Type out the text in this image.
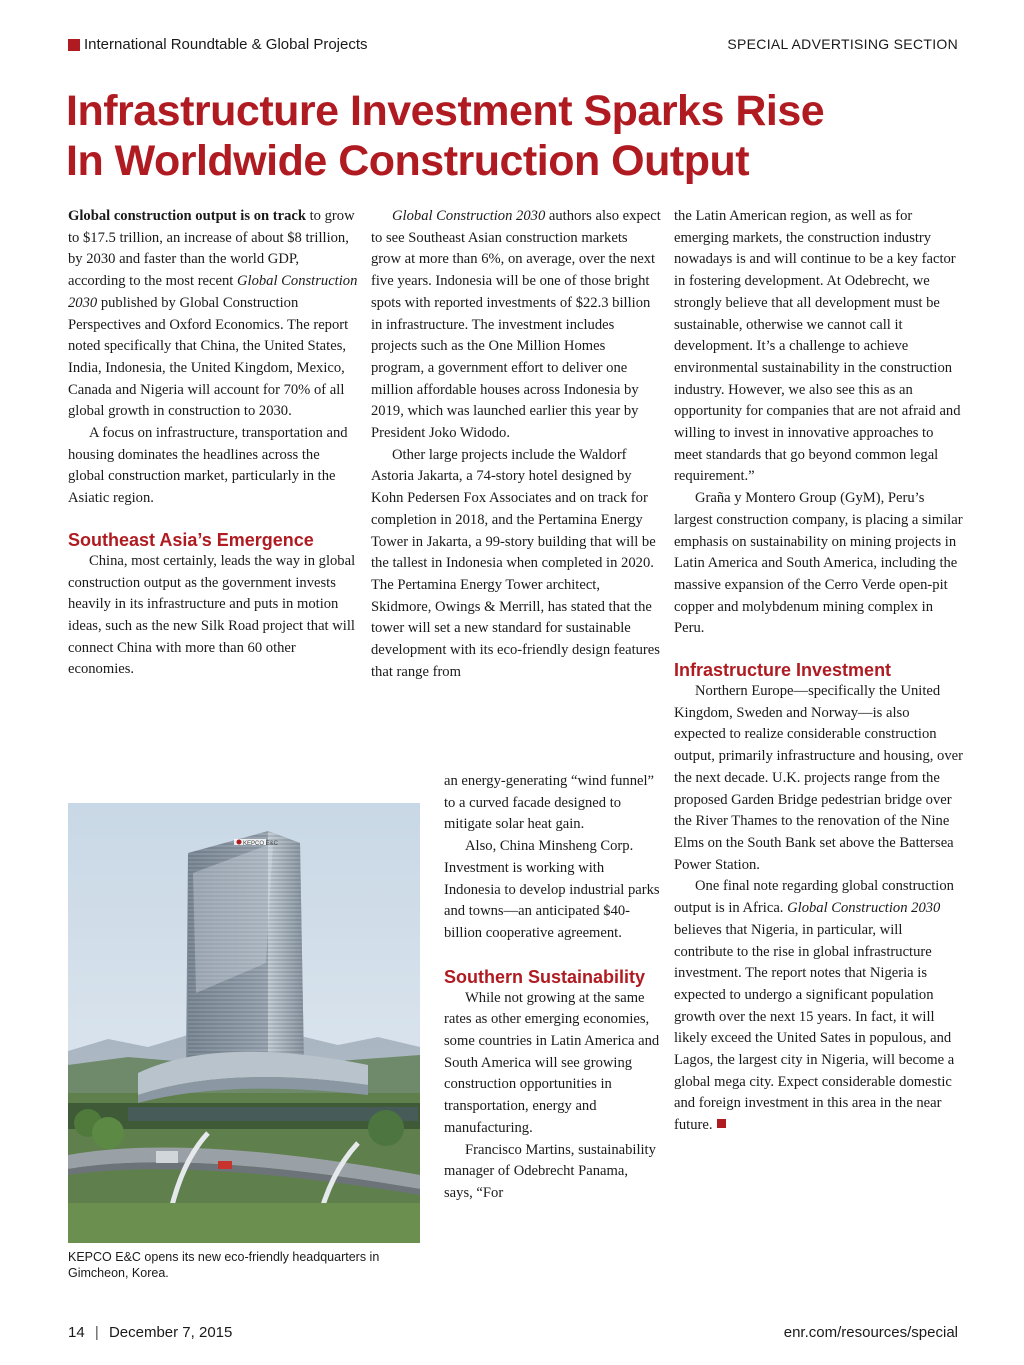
International Roundtable & Global Projects	SPECIAL ADVERTISING SECTION
Infrastructure Investment Sparks Rise
In Worldwide Construction Output

Global construction output is on track to grow to $17.5 trillion, an increase of about $8 trillion, by 2030 and faster than the world GDP, according to the most recent Global Construction 2030 published by Global Construction Perspectives and Oxford Economics. The report noted specifically that China, the United States, India, Indonesia, the United Kingdom, Mexico, Canada and Nigeria will account for 70% of all global growth in construction to 2030.

A focus on infrastructure, transportation and housing dominates the headlines across the global construction market, particularly in the Asiatic region.

Southeast Asia’s Emergence

China, most certainly, leads the way in global construction output as the government invests heavily in its infrastructure and puts in motion ideas, such as the new Silk Road project that will connect China with more than 60 other economies.

Global Construction 2030 authors also expect to see Southeast Asian construction markets grow at more than 6%, on average, over the next five years. Indonesia will be one of those bright spots with reported investments of $22.3 billion in infrastructure. The investment includes projects such as the One Million Homes program, a government effort to deliver one million affordable houses across Indonesia by 2019, which was launched earlier this year by President Joko Widodo.

Other large projects include the Waldorf Astoria Jakarta, a 74-story hotel designed by Kohn Pedersen Fox Associates and on track for completion in 2018, and the Pertamina Energy Tower in Jakarta, a 99-story building that will be the tallest in Indonesia when completed in 2020. The Pertamina Energy Tower architect, Skidmore, Owings & Merrill, has stated that the tower will set a new standard for sustainable development with its eco-friendly design features that range from

an energy-generating “wind funnel” to a curved facade designed to mitigate solar heat gain.

Also, China Minsheng Corp. Investment is working with Indonesia to develop industrial parks and towns—an anticipated $40-billion cooperative agreement.

Southern Sustainability

While not growing at the same rates as other emerging economies, some countries in Latin America and South America will see growing construction opportunities in transportation, energy and manufacturing.

Francisco Martins, sustainability manager of Odebrecht Panama, says, “For

the Latin American region, as well as for emerging markets, the construction industry nowadays is and will continue to be a key factor in fostering development. At Odebrecht, we strongly believe that all development must be sustainable, otherwise we cannot call it development. It’s a challenge to achieve environmental sustainability in the construction industry. However, we also see this as an opportunity for companies that are not afraid and willing to invest in innovative approaches to meet standards that go beyond common legal requirement.”

Graña y Montero Group (GyM), Peru’s largest construction company, is placing a similar emphasis on sustainability on mining projects in Latin America and South America, including the massive expansion of the Cerro Verde open-pit copper and molybdenum mining complex in Peru.

Infrastructure Investment

Northern Europe—specifically the United Kingdom, Sweden and Norway—is also expected to realize considerable construction output, primarily infrastructure and housing, over the next decade. U.K. projects range from the proposed Garden Bridge pedestrian bridge over the River Thames to the renovation of the Nine Elms on the South Bank set above the Battersea Power Station.

One final note regarding global construction output is in Africa. Global Construction 2030 believes that Nigeria, in particular, will contribute to the rise in global infrastructure investment. The report notes that Nigeria is expected to undergo a significant population growth over the next 15 years. In fact, it will likely exceed the United Sates in populous, and Lagos, the largest city in Nigeria, will become a global mega city. Expect considerable domestic and foreign investment in this area in the near future.

KEPCO E&C
KEPCO E&C opens its new eco-friendly headquarters in Gimcheon, Korea.
14 | December 7, 2015	enr.com/resources/special
